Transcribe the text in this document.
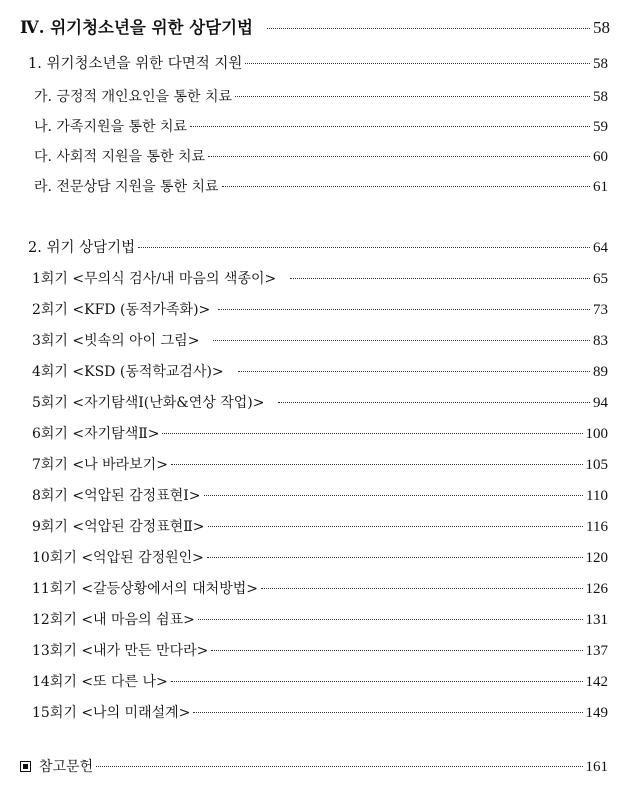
Ⅳ. 위기청소년을 위한 상담기법	58
1. 위기청소년을 위한 다면적 지원	58
가. 긍정적 개인요인을 통한 치료	58
나. 가족지원을 통한 치료	59
다. 사회적 지원을 통한 치료	60
라. 전문상담 지원을 통한 치료	61
2. 위기 상담기법	64
1회기 <무의식 검사/내 마음의 색종이>	65
2회기 <KFD (동적가족화)>	73
3회기 <빗속의 아이 그림>	83
4회기 <KSD (동적학교검사)>	89
5회기 <자기탐색Ⅰ(난화&연상 작업)>	94
6회기 <자기탐색Ⅱ>	100
7회기 <나 바라보기>	105
8회기 <억압된 감정표현Ⅰ>	110
9회기 <억압된 감정표현Ⅱ>	116
10회기 <억압된 감정원인>	120
11회기 <갈등상황에서의 대처방법>	126
12회기 <내 마음의 쉼표>	131
13회기 <내가 만든 만다라>	137
14회기 <또 다른 나>	142
15회기 <나의 미래설계>	149
참고문헌	161
